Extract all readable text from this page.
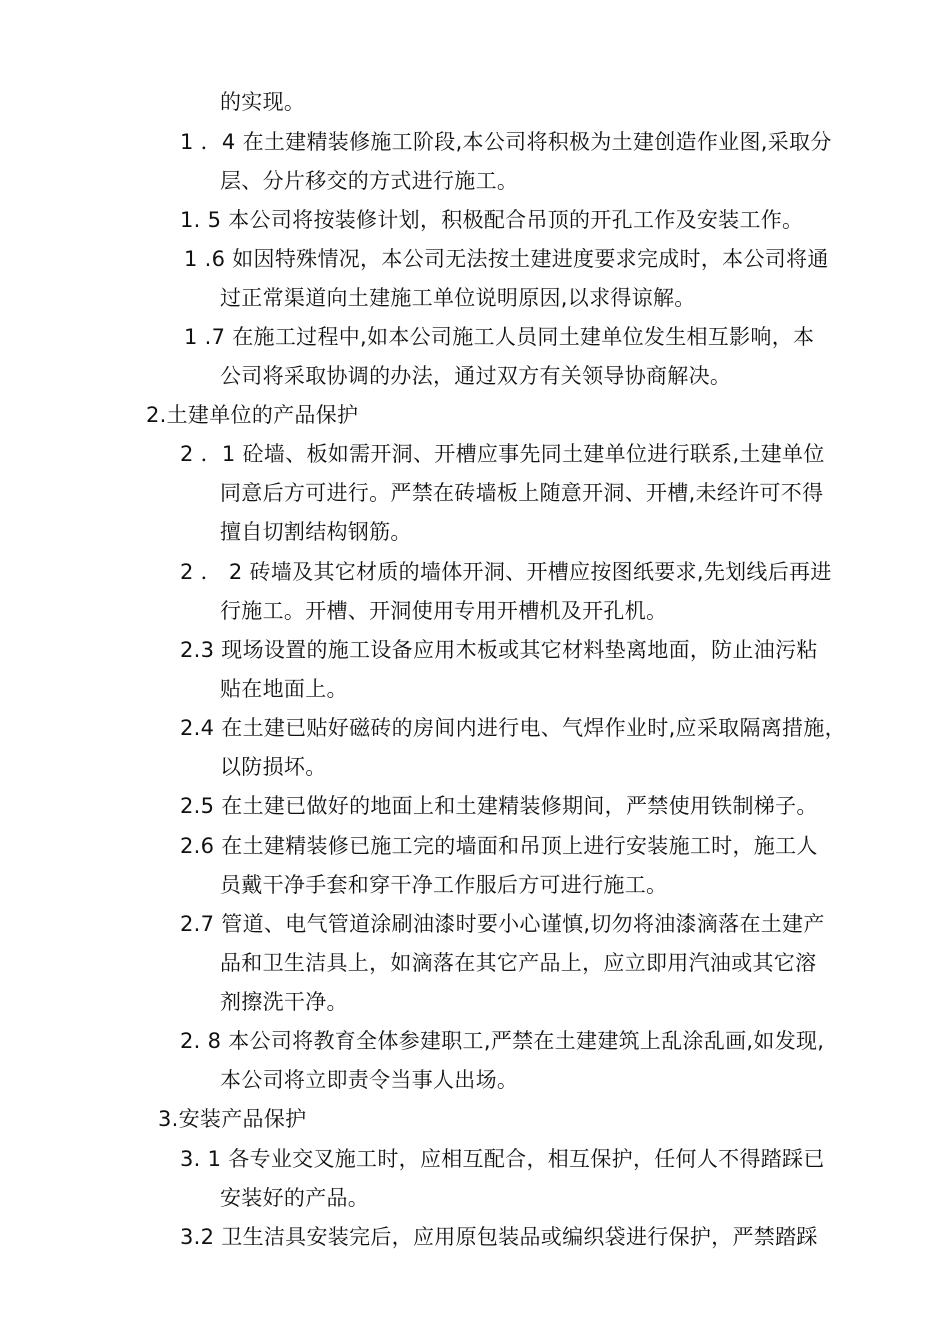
的实现。
1 ．4 在土建精装修施工阶段,本公司将积极为土建创造作业图,采取分
层、分片移交的方式进行施工。
1. 5 本公司将按装修计划，积极配合吊顶的开孔工作及安装工作。
1 .6 如因特殊情况，本公司无法按土建进度要求完成时，本公司将通
过正常渠道向土建施工单位说明原因,以求得谅解。
1 .7 在施工过程中,如本公司施工人员同土建单位发生相互影响，本
公司将采取协调的办法，通过双方有关领导协商解决。
2.土建单位的产品保护
2 ．1 砼墙、板如需开洞、开槽应事先同土建单位进行联系,土建单位
同意后方可进行。严禁在砖墙板上随意开洞、开槽,未经许可不得
擅自切割结构钢筋。
2 ． 2 砖墙及其它材质的墙体开洞、开槽应按图纸要求,先划线后再进
行施工。开槽、开洞使用专用开槽机及开孔机。
2.3 现场设置的施工设备应用木板或其它材料垫离地面，防止油污粘
贴在地面上。
2.4 在土建已贴好磁砖的房间内进行电、气焊作业时,应采取隔离措施，
以防损坏。
2.5 在土建已做好的地面上和土建精装修期间，严禁使用铁制梯子。
2.6 在土建精装修已施工完的墙面和吊顶上进行安装施工时，施工人
员戴干净手套和穿干净工作服后方可进行施工。
2.7 管道、电气管道涂刷油漆时要小心谨慎,切勿将油漆滴落在土建产
品和卫生洁具上，如滴落在其它产品上，应立即用汽油或其它溶
剂擦洗干净。
2. 8 本公司将教育全体参建职工,严禁在土建建筑上乱涂乱画,如发现,
本公司将立即责令当事人出场。
3.安装产品保护
3. 1 各专业交叉施工时，应相互配合，相互保护，任何人不得踏踩已
安装好的产品。
3.2 卫生洁具安装完后，应用原包装品或编织袋进行保护，严禁踏踩
